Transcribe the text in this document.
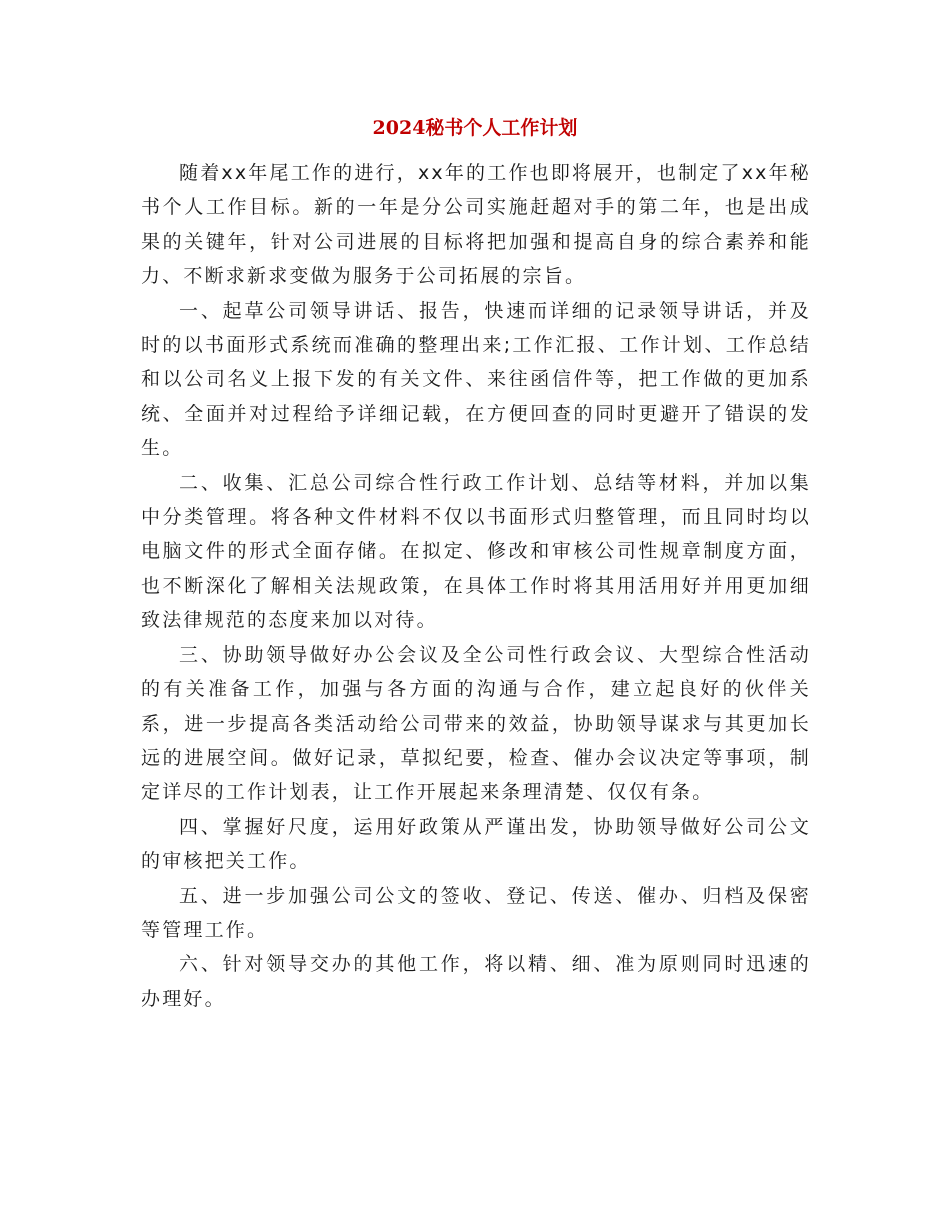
2024秘书个人工作计划

随着xx年尾工作的进行，xx年的工作也即将展开，也制定了xx年秘书个人工作目标。新的一年是分公司实施赶超对手的第二年，也是出成果的关键年，针对公司进展的目标将把加强和提高自身的综合素养和能力、不断求新求变做为服务于公司拓展的宗旨。

一、起草公司领导讲话、报告，快速而详细的记录领导讲话，并及时的以书面形式系统而准确的整理出来;工作汇报、工作计划、工作总结和以公司名义上报下发的有关文件、来往函信件等，把工作做的更加系统、全面并对过程给予详细记载，在方便回查的同时更避开了错误的发生。

二、收集、汇总公司综合性行政工作计划、总结等材料，并加以集中分类管理。将各种文件材料不仅以书面形式归整管理，而且同时均以电脑文件的形式全面存储。在拟定、修改和审核公司性规章制度方面，也不断深化了解相关法规政策，在具体工作时将其用活用好并用更加细致法律规范的态度来加以对待。

三、协助领导做好办公会议及全公司性行政会议、大型综合性活动的有关准备工作，加强与各方面的沟通与合作，建立起良好的伙伴关系，进一步提高各类活动给公司带来的效益，协助领导谋求与其更加长远的进展空间。做好记录，草拟纪要，检查、催办会议决定等事项，制定详尽的工作计划表，让工作开展起来条理清楚、仅仅有条。

四、掌握好尺度，运用好政策从严谨出发，协助领导做好公司公文的审核把关工作。

五、进一步加强公司公文的签收、登记、传送、催办、归档及保密等管理工作。

六、针对领导交办的其他工作，将以精、细、准为原则同时迅速的办理好。
